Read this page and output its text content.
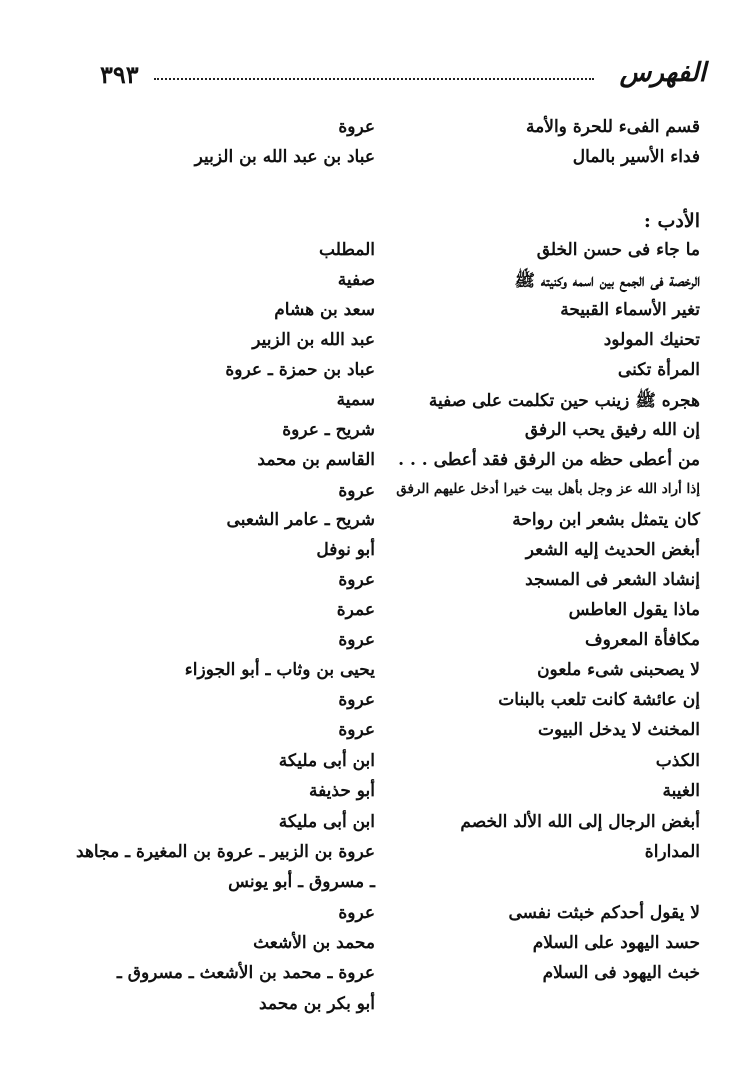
٣٩٣	الفهرس
قسم الفىء للحرة والأمة
عروة
فداء الأسير بالمال
عباد بن عبد الله بن الزبير
الأدب :
ما جاء فى حسن الخلق
المطلب
الرخصة فى الجمع بين اسمه وكنيته ﷺ
صفية
تغير الأسماء القبيحة
سعد بن هشام
تحنيك المولود
عبد الله بن الزبير
المرأة تكنى
عباد بن حمزة ـ عروة
هجره ﷺ زينب حين تكلمت على صفية
سمية
إن الله رفيق يحب الرفق
شريح ـ عروة
من أعطى حظه من الرفق فقد أعطى . . .
القاسم بن محمد
إذا أراد الله عز وجل بأهل بيت خيرا أدخل عليهم الرفق
عروة
كان يتمثل بشعر ابن رواحة
شريح ـ عامر الشعبى
أبغض الحديث إليه الشعر
أبو نوفل
إنشاد الشعر فى المسجد
عروة
ماذا يقول العاطس
عمرة
مكافأة المعروف
عروة
لا يصحبنى شىء ملعون
يحيى بن وثاب ـ أبو الجوزاء
إن عائشة كانت تلعب بالبنات
عروة
المخنث لا يدخل البيوت
عروة
الكذب
ابن أبى مليكة
الغيبة
أبو حذيفة
أبغض الرجال إلى الله الألد الخصم
ابن أبى مليكة
المداراة
عروة بن الزبير ـ عروة بن المغيرة ـ مجاهد
ـ مسروق ـ أبو يونس
لا يقول أحدكم خبثت نفسى
عروة
حسد اليهود على السلام
محمد بن الأشعث
خبث اليهود فى السلام
عروة ـ محمد بن الأشعث ـ مسروق ـ
أبو بكر بن محمد
